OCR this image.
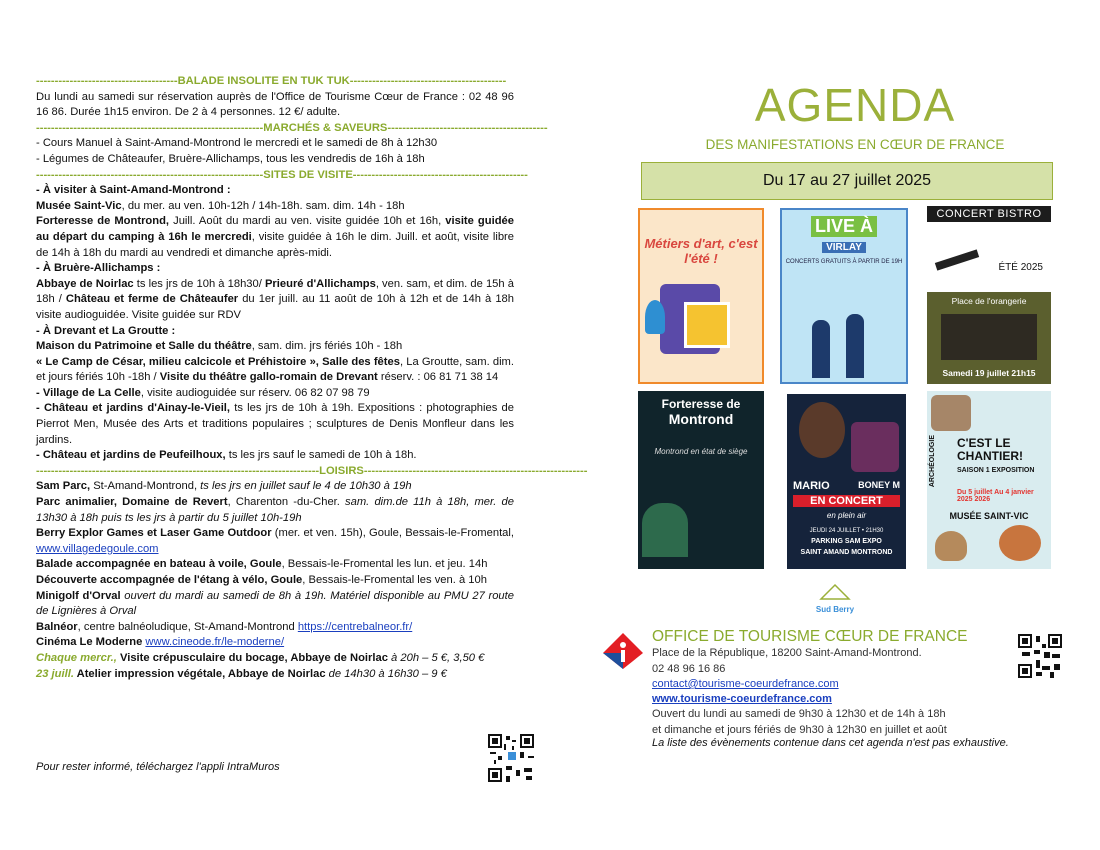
--------------------------------------BALADE INSOLITE EN TUK TUK------------------------------------------

Du lundi au samedi sur réservation auprès de l'Office de Tourisme Cœur de France : 02 48 96 16 86. Durée 1h15 environ. De 2 à 4 personnes. 12 €/ adulte.

-------------------------------------------------------------MARCHÉS & SAVEURS-------------------------------------------

- Cours Manuel à Saint-Amand-Montrond le mercredi et le samedi de 8h à 12h30

- Légumes de Châteaufer, Bruère-Allichamps, tous les vendredis de 16h à 18h

-------------------------------------------------------------SITES DE VISITE-----------------------------------------------

- À visiter à Saint-Amand-Montrond :

Musée Saint-Vic, du mer. au ven. 10h-12h / 14h-18h. sam. dim. 14h - 18h

Forteresse de Montrond, Juill. Août du mardi au ven. visite guidée 10h et 16h, visite guidée au départ du camping à 16h le mercredi, visite guidée à 16h le dim. Juill. et août, visite libre de 14h à 18h du mardi au vendredi et dimanche après-midi.

- À Bruère-Allichamps :

Abbaye de Noirlac ts les jrs de 10h à 18h30/ Prieuré d'Allichamps, ven. sam, et dim. de 15h à 18h / Château et ferme de Châteaufer du 1er juill. au 11 août de 10h à 12h et de 14h à 18h visite audioguidée. Visite guidée sur RDV

- À Drevant et La Groutte :

Maison du Patrimoine et Salle du théâtre, sam. dim. jrs fériés 10h - 18h

« Le Camp de César, milieu calcicole et Préhistoire », Salle des fêtes, La Groutte, sam. dim. et jours fériés 10h -18h / Visite du théâtre gallo-romain de Drevant réserv. : 06 81 71 38 14

- Village de La Celle, visite audioguidée sur réserv. 06 82 07 98 79

- Château et jardins d'Ainay-le-Vieil, ts les jrs de 10h à 19h. Expositions : photographies de Pierrot Men, Musée des Arts et traditions populaires ; sculptures de Denis Monfleur dans les jardins.

- Château et jardins de Peufeilhoux, ts les jrs sauf le samedi de 10h à 18h.

----------------------------------------------------------------------------LOISIRS------------------------------------------------------------

Sam Parc, St-Amand-Montrond, ts les jrs en juillet sauf le 4 de 10h30 à 19h

Parc animalier, Domaine de Revert, Charenton -du-Cher. sam. dim.de 11h à 18h, mer. de 13h30 à 18h puis ts les jrs à partir du 5 juillet 10h-19h

Berry Explor Games et Laser Game Outdoor (mer. et ven. 15h), Goule, Bessais-le-Fromental, www.villagedegoule.com

Balade accompagnée en bateau à voile, Goule, Bessais-le-Fromental les lun. et jeu. 14h

Découverte accompagnée de l'étang à vélo, Goule, Bessais-le-Fromental les ven. à 10h

Minigolf d'Orval ouvert du mardi au samedi de 8h à 19h. Matériel disponible au PMU 27 route de Lignières à Orval

Balnéor, centre balnéoludique, St-Amand-Montrond https://centrebalneor.fr/

Cinéma Le Moderne www.cineode.fr/le-moderne/

Chaque mercr., Visite crépusculaire du bocage, Abbaye de Noirlac à 20h – 5 €, 3,50 €

23 juill. Atelier impression végétale, Abbaye de Noirlac de 14h30 à 16h30 – 9 €

Pour rester informé, téléchargez l'appli IntraMuros
AGENDA
DES MANIFESTATIONS EN CŒUR DE FRANCE
Du 17 au 27 juillet 2025
Métiers d'art, c'est l'été !
LIVE À
VIRLAY
CONCERTS GRATUITS À PARTIR DE 19H
CONCERT BISTRO
ÉTÉ 2025
Place de l'orangerie
Samedi 19 juillet 21h15
Forteresse de
Montrond
Montrond en état de siège
MARIO	BONEY M
EN CONCERT
en plein air
JEUDI 24 JUILLET • 21H30
PARKING SAM EXPO
SAINT AMAND MONTROND
ARCHÉOLOGIE	C'EST LE CHANTIER!
SAISON 1 EXPOSITION
Du 5 juillet Au 4 janvier 2025 2026
MUSÉE SAINT-VIC
Sud Berry
OFFICE DE TOURISME CŒUR DE FRANCE
Place de la République, 18200 Saint-Amand-Montrond.
02 48 96 16 86
contact@tourisme-coeurdefrance.com
www.tourisme-coeurdefrance.com
Ouvert du lundi au samedi de 9h30 à 12h30 et de 14h à 18h
et dimanche et jours fériés de 9h30 à 12h30 en juillet et août
La liste des évènements contenue dans cet agenda n'est pas exhaustive.
